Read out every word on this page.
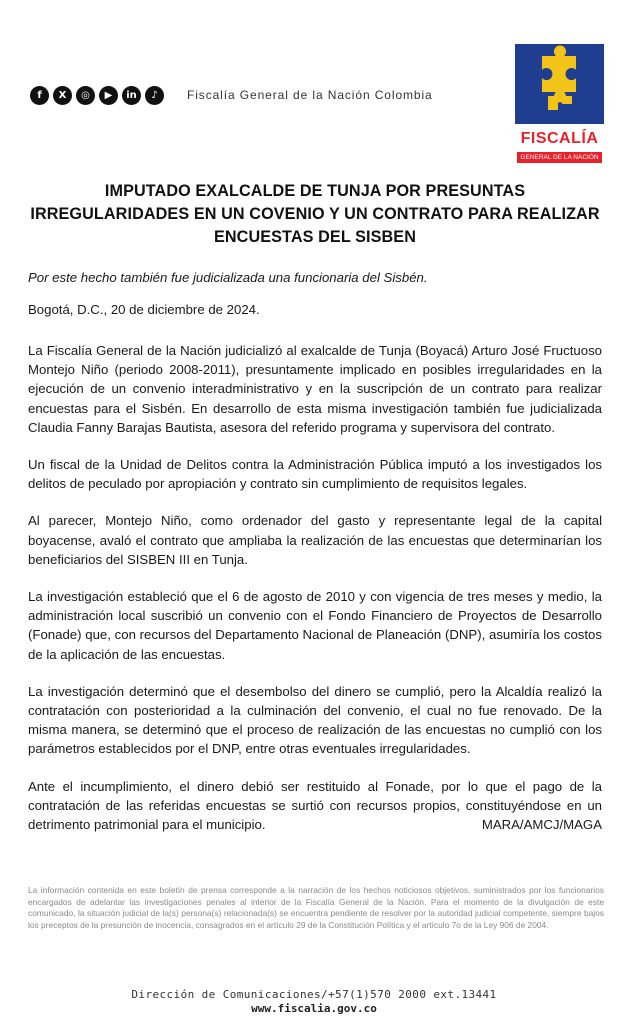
f	X	◎	▶	in	♪	Fiscalía General de la Nación Colombia
FISCALÍA
GENERAL DE LA NACIÓN
IMPUTADO EXALCALDE DE TUNJA POR PRESUNTAS IRREGULARIDADES EN UN COVENIO Y UN CONTRATO PARA REALIZAR ENCUESTAS DEL SISBEN

Por este hecho también fue judicializada una funcionaria del Sisbén.

Bogotá, D.C., 20 de diciembre de 2024.

La Fiscalía General de la Nación judicializó al exalcalde de Tunja (Boyacá) Arturo José Fructuoso Montejo Niño (periodo 2008-2011), presuntamente implicado en posibles irregularidades en la ejecución de un convenio interadministrativo y en la suscripción de un contrato para realizar encuestas para el Sisbén. En desarrollo de esta misma investigación también fue judicializada Claudia Fanny Barajas Bautista, asesora del referido programa y supervisora del contrato.

Un fiscal de la Unidad de Delitos contra la Administración Pública imputó a los investigados los delitos de peculado por apropiación y contrato sin cumplimiento de requisitos legales.

Al parecer, Montejo Niño, como ordenador del gasto y representante legal de la capital boyacense, avaló el contrato que ampliaba la realización de las encuestas que determinarían los beneficiarios del SISBEN III en Tunja.

La investigación estableció que el 6 de agosto de 2010 y con vigencia de tres meses y medio, la administración local suscribió un convenio con el Fondo Financiero de Proyectos de Desarrollo (Fonade) que, con recursos del Departamento Nacional de Planeación (DNP), asumiría los costos de la aplicación de las encuestas.

La investigación determinó que el desembolso del dinero se cumplió, pero la Alcaldía realizó la contratación con posterioridad a la culminación del convenio, el cual no fue renovado. De la misma manera, se determinó que el proceso de realización de las encuestas no cumplió con los parámetros establecidos por el DNP, entre otras eventuales irregularidades.

Ante el incumplimiento, el dinero debió ser restituido al Fonade, por lo que el pago de la contratación de las referidas encuestas se surtió con recursos propios, constituyéndose en un detrimento patrimonial para el municipio.	MARA/AMCJ/MAGA

La información contenida en este boletín de prensa corresponde a la narración de los hechos noticiosos objetivos, suministrados por los funcionarios encargados de adelantar las investigaciones penales al interior de la Fiscalía General de la Nación. Para el momento de la divulgación de este comunicado, la situación judicial de la(s) persona(s) relacionada(s) se encuentra pendiente de resolver por la autoridad judicial competente, siempre bajos los preceptos de la presunción de inocencia, consagrados en el artículo 29 de la Constitución Política y el artículo 7o de la Ley 906 de 2004.
Dirección de Comunicaciones/+57(1)570 2000 ext.13441
www.fiscalia.gov.co
